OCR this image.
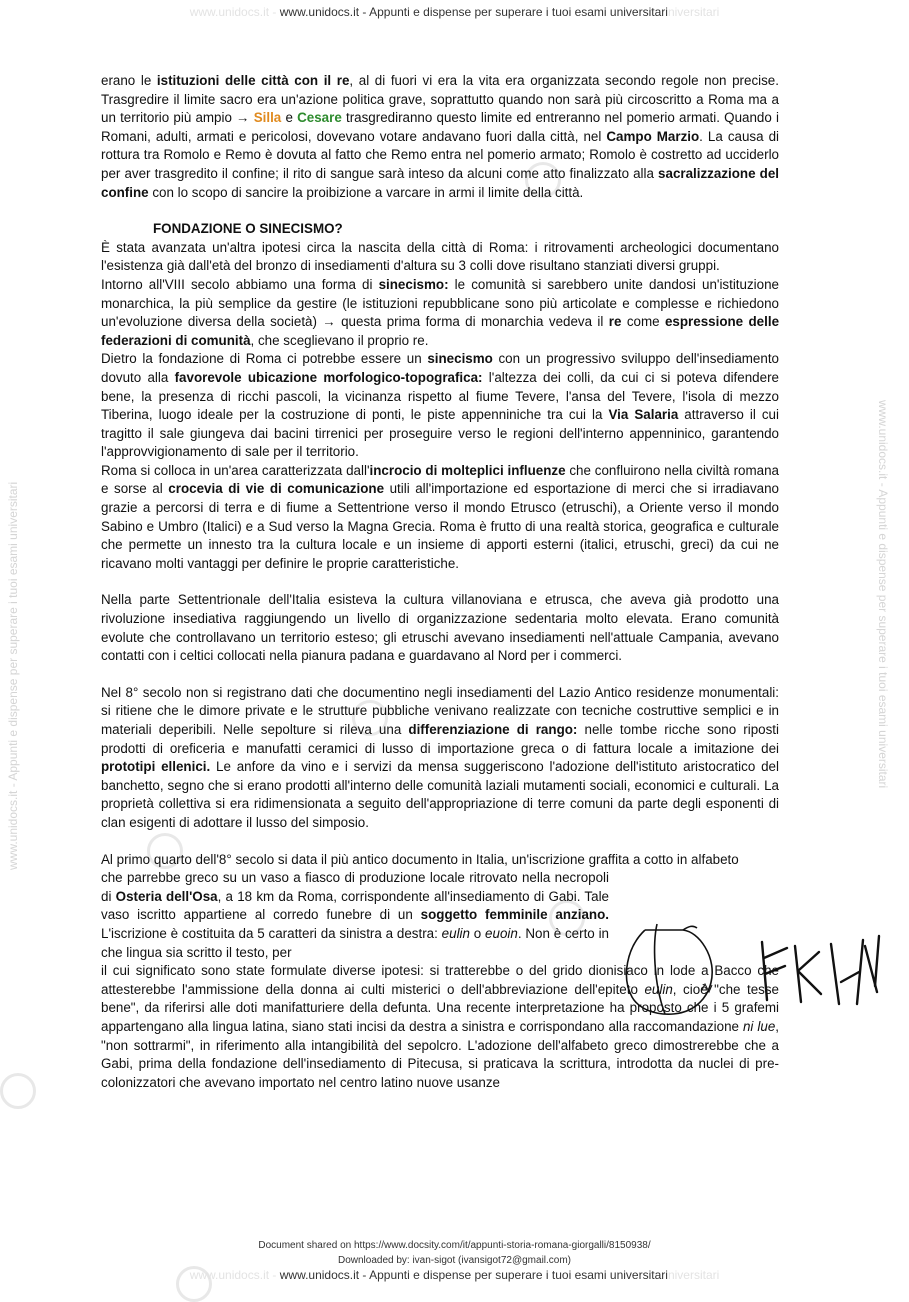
www.unidocs.it - www.unidocs.it - Appunti e dispense per superare i tuoi esami universitariniversitari
www.unidocs.it - Appunti e dispense per superare i tuoi esami universitari	www.unidocs.it - Appunti e dispense per superare i tuoi esami universitari

erano le istituzioni delle città con il re, al di fuori vi era la vita era organizzata secondo regole non precise. Trasgredire il limite sacro era un'azione politica grave, soprattutto quando non sarà più circoscritto a Roma ma a un territorio più ampio → Silla e Cesare trasgrediranno questo limite ed entreranno nel pomerio armati. Quando i Romani, adulti, armati e pericolosi, dovevano votare andavano fuori dalla città, nel Campo Marzio. La causa di rottura tra Romolo e Remo è dovuta al fatto che Remo entra nel pomerio armato; Romolo è costretto ad ucciderlo per aver trasgredito il confine; il rito di sangue sarà inteso da alcuni come atto finalizzato alla sacralizzazione del confine con lo scopo di sancire la proibizione a varcare in armi il limite della città.

FONDAZIONE O SINECISMO?

È stata avanzata un'altra ipotesi circa la nascita della città di Roma: i ritrovamenti archeologici documentano l'esistenza già dall'età del bronzo di insediamenti d'altura su 3 colli dove risultano stanziati diversi gruppi.

Intorno all'VIII secolo abbiamo una forma di sinecismo: le comunità si sarebbero unite dandosi un'istituzione monarchica, la più semplice da gestire (le istituzioni repubblicane sono più articolate e complesse e richiedono un'evoluzione diversa della società) → questa prima forma di monarchia vedeva il re come espressione delle federazioni di comunità, che sceglievano il proprio re.

Dietro la fondazione di Roma ci potrebbe essere un sinecismo con un progressivo sviluppo dell'insediamento dovuto alla favorevole ubicazione morfologico-topografica: l'altezza dei colli, da cui ci si poteva difendere bene, la presenza di ricchi pascoli, la vicinanza rispetto al fiume Tevere, l'ansa del Tevere, l'isola di mezzo Tiberina, luogo ideale per la costruzione di ponti, le piste appenniniche tra cui la Via Salaria attraverso il cui tragitto il sale giungeva dai bacini tirrenici per proseguire verso le regioni dell'interno appenninico, garantendo l'approvvigionamento di sale per il territorio.

Roma si colloca in un'area caratterizzata dall'incrocio di molteplici influenze che confluirono nella civiltà romana e sorse al crocevia di vie di comunicazione utili all'importazione ed esportazione di merci che si irradiavano grazie a percorsi di terra e di fiume a Settentrione verso il mondo Etrusco (etruschi), a Oriente verso il mondo Sabino e Umbro (Italici) e a Sud verso la Magna Grecia. Roma è frutto di una realtà storica, geografica e culturale che permette un innesto tra la cultura locale e un insieme di apporti esterni (italici, etruschi, greci) da cui ne ricavano molti vantaggi per definire le proprie caratteristiche.

Nella parte Settentrionale dell'Italia esisteva la cultura villanoviana e etrusca, che aveva già prodotto una rivoluzione insediativa raggiungendo un livello di organizzazione sedentaria molto elevata. Erano comunità evolute che controllavano un territorio esteso; gli etruschi avevano insediamenti nell'attuale Campania, avevano contatti con i celtici collocati nella pianura padana e guardavano al Nord per i commerci.

Nel 8° secolo non si registrano dati che documentino negli insediamenti del Lazio Antico residenze monumentali: si ritiene che le dimore private e le strutture pubbliche venivano realizzate con tecniche costruttive semplici e in materiali deperibili. Nelle sepolture si rileva una differenziazione di rango: nelle tombe ricche sono riposti prodotti di oreficeria e manufatti ceramici di lusso di importazione greca o di fattura locale a imitazione dei prototipi ellenici. Le anfore da vino e i servizi da mensa suggeriscono l'adozione dell'istituto aristocratico del banchetto, segno che si erano prodotti all'interno delle comunità laziali mutamenti sociali, economici e culturali. La proprietà collettiva si era ridimensionata a seguito dell'appropriazione di terre comuni da parte degli esponenti di clan esigenti di adottare il lusso del simposio.

Al primo quarto dell'8° secolo si data il più antico documento in Italia, un'iscrizione graffita a cotto in alfabeto

che parrebbe greco su un vaso a fiasco di produzione locale ritrovato nella necropoli di Osteria dell'Osa, a 18 km da Roma, corrispondente all'insediamento di Gabi. Tale vaso iscritto appartiene al corredo funebre di un soggetto femminile anziano. L'iscrizione è costituita da 5 caratteri da sinistra a destra: eulin o euoin. Non è certo in che lingua sia scritto il testo, per

il cui significato sono state formulate diverse ipotesi: si tratterebbe o del grido dionisiaco in lode a Bacco che attesterebbe l'ammissione della donna ai culti misterici o dell'abbreviazione dell'epiteto eulin, cioè "che tesse bene", da riferirsi alle doti manifatturiere della defunta. Una recente interpretazione ha proposto che i 5 grafemi appartengano alla lingua latina, siano stati incisi da destra a sinistra e corrispondano alla raccomandazione ni lue, "non sottrarmi", in riferimento alla intangibilità del sepolcro. L'adozione dell'alfabeto greco dimostrerebbe che a Gabi, prima della fondazione dell'insediamento di Pitecusa, si praticava la scrittura, introdotta da nuclei di pre-colonizzatori che avevano importato nel centro latino nuove usanze

Document shared on https://www.docsity.com/it/appunti-storia-romana-giorgalli/8150938/
Downloaded by: ivan-sigot (ivansigot72@gmail.com)
www.unidocs.it - www.unidocs.it - Appunti e dispense per superare i tuoi esami universitariniversitari
